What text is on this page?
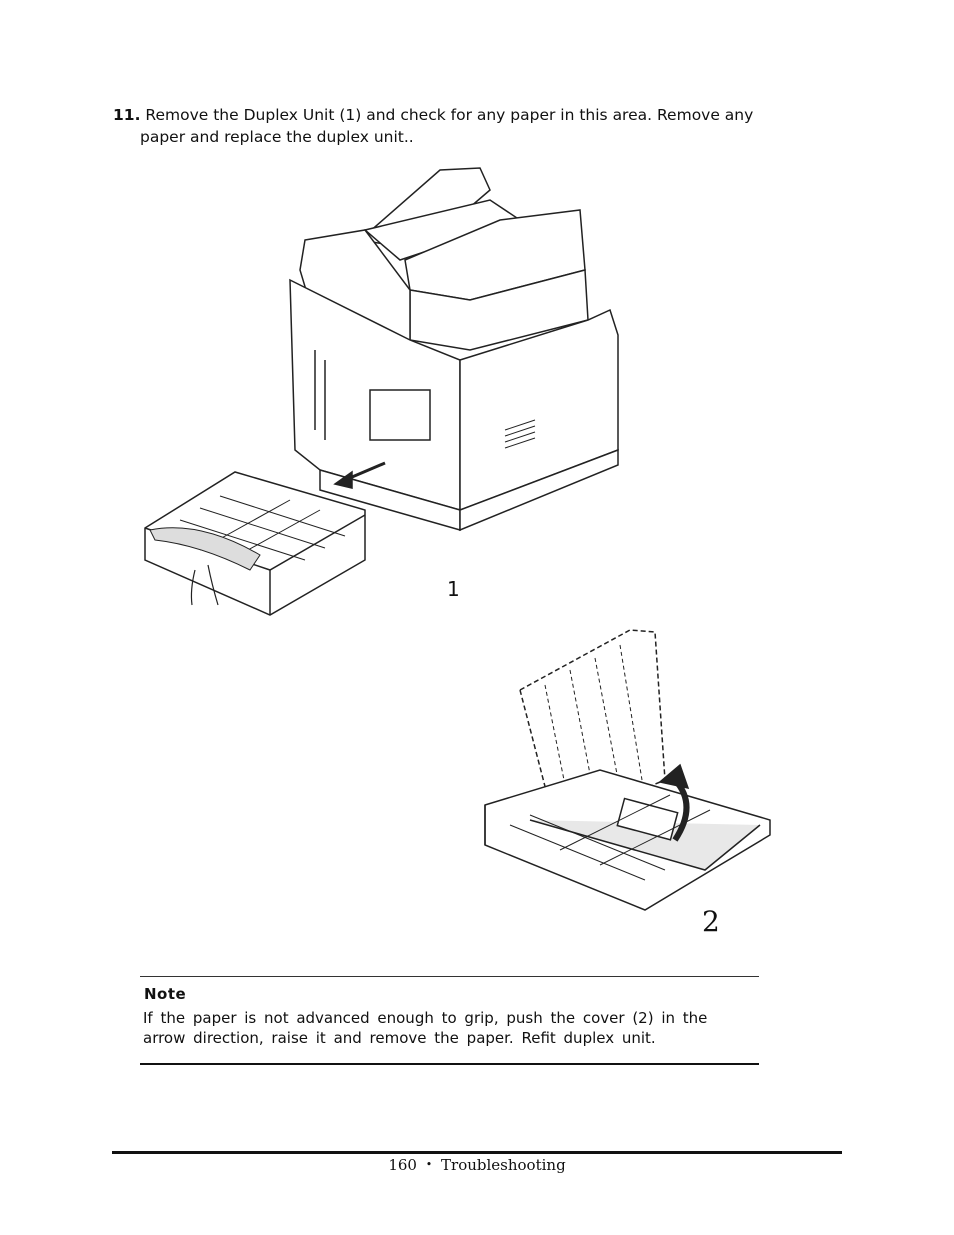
11. Remove the Duplex Unit (1) and check for any paper in this area. Remove any
paper and replace the duplex unit..
1
2
Note
If the paper is not advanced enough to grip, push the cover (2) in the arrow direction, raise it and remove the paper. Refit duplex unit.
160 • Troubleshooting
